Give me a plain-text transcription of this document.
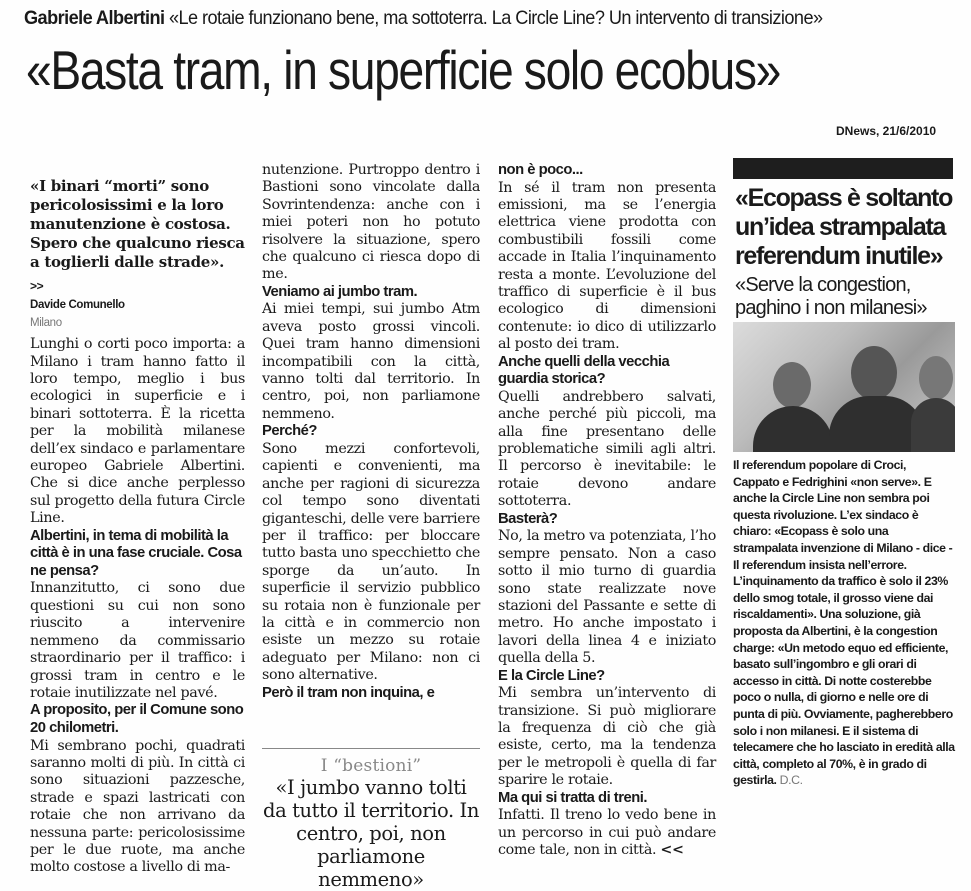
Gabriele Albertini «Le rotaie funzionano bene, ma sottoterra. La Circle Line? Un intervento di transizione»
«Basta tram, in superficie solo ecobus»
DNews, 21/6/2010
«I binari “morti” sono pericolosissimi e la loro manutenzione è costosa. Spero che qualcuno riesca a toglierli dalle strade».
>>
Davide Comunello
Milano

Lunghi o corti poco importa: a Milano i tram hanno fatto il loro tempo, meglio i bus ecologici in superficie e i binari sottoterra. È la ricetta per la mobilità milanese dell’ex sindaco e parlamentare europeo Gabriele Albertini. Che si dice anche perplesso sul progetto della futura Circle Line.

Albertini, in tema di mobilità la città è in una fase cruciale. Cosa ne pensa?

Innanzitutto, ci sono due questioni su cui non sono riuscito a intervenire nemmeno da commissario straordinario per il traffico: i grossi tram in centro e le rotaie inutilizzate nel pavé.

A proposito, per il Comune sono 20 chilometri.

Mi sembrano pochi, quadrati saranno molti di più. In città ci sono situazioni pazzesche, strade e spazi lastricati con rotaie che non arrivano da nessuna parte: pericolosissime per le due ruote, ma anche molto costose a livello di ma-

nutenzione. Purtroppo dentro i Bastioni sono vincolate dalla Sovrintendenza: anche con i miei poteri non ho potuto risolvere la situazione, spero che qualcuno ci riesca dopo di me.

Veniamo ai jumbo tram.

Ai miei tempi, sui jumbo Atm aveva posto grossi vincoli. Quei tram hanno dimensioni incompatibili con la città, vanno tolti dal territorio. In centro, poi, non parliamone nemmeno.

Perché?

Sono mezzi confortevoli, capienti e convenienti, ma anche per ragioni di sicurezza col tempo sono diventati giganteschi, delle vere barriere per il traffico: per bloccare tutto basta uno specchietto che sporge da un’auto. In superficie il servizio pubblico su rotaia non è funzionale per la città e in commercio non esiste un mezzo su rotaie adeguato per Milano: non ci sono alternative.

Però il tram non inquina, e

I “bestioni”
«I jumbo vanno tolti da tutto il territorio. In centro, poi, non parliamone nemmeno»

non è poco...

In sé il tram non presenta emissioni, ma se l’energia elettrica viene prodotta con combustibili fossili come accade in Italia l’inquinamento resta a monte. L’evoluzione del traffico di superficie è il bus ecologico di dimensioni contenute: io dico di utilizzarlo al posto dei tram.

Anche quelli della vecchia guardia storica?

Quelli andrebbero salvati, anche perché più piccoli, ma alla fine presentano delle problematiche simili agli altri. Il percorso è inevitabile: le rotaie devono andare sottoterra.

Basterà?

No, la metro va potenziata, l’ho sempre pensato. Non a caso sotto il mio turno di guardia sono state realizzate nove stazioni del Passante e sette di metro. Ho anche impostato i lavori della linea 4 e iniziato quella della 5.

E la Circle Line?

Mi sembra un’intervento di transizione. Si può migliorare la frequenza di ciò che già esiste, certo, ma la tendenza per le metropoli è quella di far sparire le rotaie.

Ma qui si tratta di treni.

Infatti. Il treno lo vedo bene in un percorso in cui può andare come tale, non in città. <<

«Ecopass è soltanto un’idea strampalata referendum inutile»
«Serve la congestion, paghino i non milanesi»

Il referendum popolare di Croci, Cappato e Fedrighini «non serve». E anche la Circle Line non sembra poi questa rivoluzione. L’ex sindaco è chiaro: «Ecopass è solo una strampalata invenzione di Milano - dice - Il referendum insista nell’errore. L’inquinamento da traffico è solo il 23% dello smog totale, il grosso viene dai riscaldamenti». Una soluzione, già proposta da Albertini, è la congestion charge: «Un metodo equo ed efficiente, basato sull’ingombro e gli orari di accesso in città. Di notte costerebbe poco o nulla, di giorno e nelle ore di punta di più. Ovviamente, pagherebbero solo i non milanesi. E il sistema di telecamere che ho lasciato in eredità alla città, completo al 70%, è in grado di gestirla. D.C.
